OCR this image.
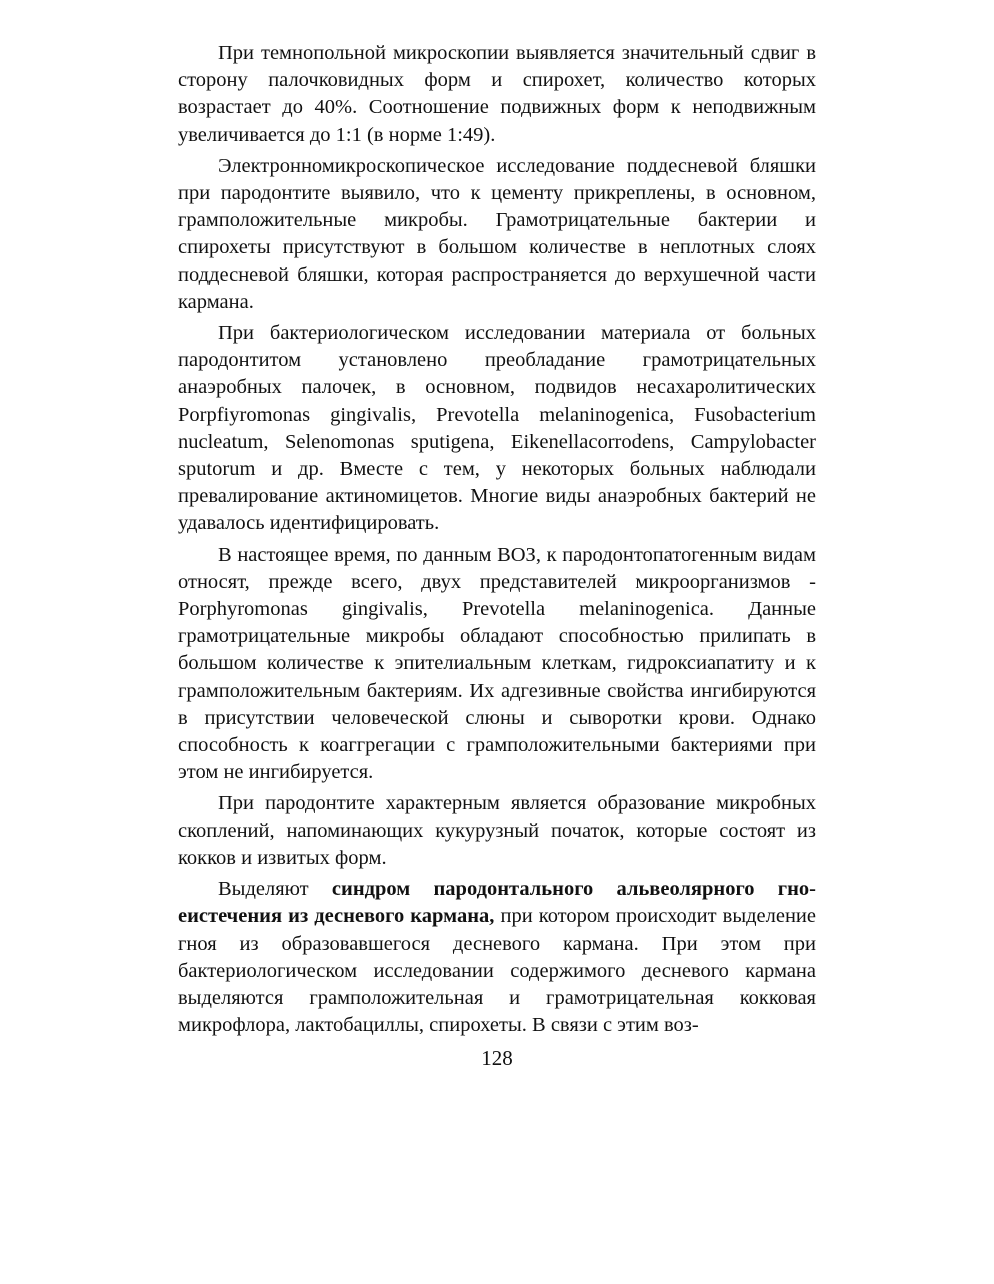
При темнопольной микроскопии выявляется значительный сдвиг в сторону палочковидных форм и спирохет, количество которых возрастает до 40%. Соотношение подвижных форм к неподвижным увеличивается до 1:1 (в норме 1:49).

Электронномикроскопическое исследование поддесневой бляшки при пародонтите выявило, что к цементу прикреплены, в основном, грамположительные микробы. Грамотрицательные бактерии и спирохеты присутствуют в большом количестве в неплотных слоях поддесневой бляшки, которая распространяется до верхушечной части кармана.

При бактериологическом исследовании материала от больных пародонтитом установлено преобладание грамотрицательных анаэробных палочек, в основном, подвидов несахаролитических Porpfiyromonas gingivalis, Prevotella melaninogenica, Fusobacterium nucleatum, Selenomonas sputigena, Eikenellacorrodens, Campylobacter sputorum и др. Вместе с тем, у некоторых больных наблюдали превалирование актиномицетов. Многие виды анаэробных бактерий не удавалось идентифицировать.

В настоящее время, по данным ВОЗ, к пародонтопатогенным видам относят, прежде всего, двух представителей микроорганизмов - Porphyromonas gingivalis, Prevotella melaninogenica. Данные грамотрицательные микробы обладают способностью прилипать в большом количестве к эпителиальным клеткам, гидроксиапатиту и к грамположительным бактериям. Их адгезивные свойства ингибируются в присутствии человеческой слюны и сыворотки крови. Однако способность к коаггрегации с грамположительными бактериями при этом не ингибируется.

При пародонтите характерным является образование микробных скоплений, напоминающих кукурузный початок, которые состоят из кокков и извитых форм.

Выделяют синдром пародонтального альвеолярного гноеистечения из десневого кармана, при котором происходит выделение гноя из образовавшегося десневого кармана. При этом при бактериологическом исследовании содержимого десневого кармана выделяются грамположительная и грамотрицательная кокковая микрофлора, лактобациллы, спирохеты. В связи с этим воз-

128
